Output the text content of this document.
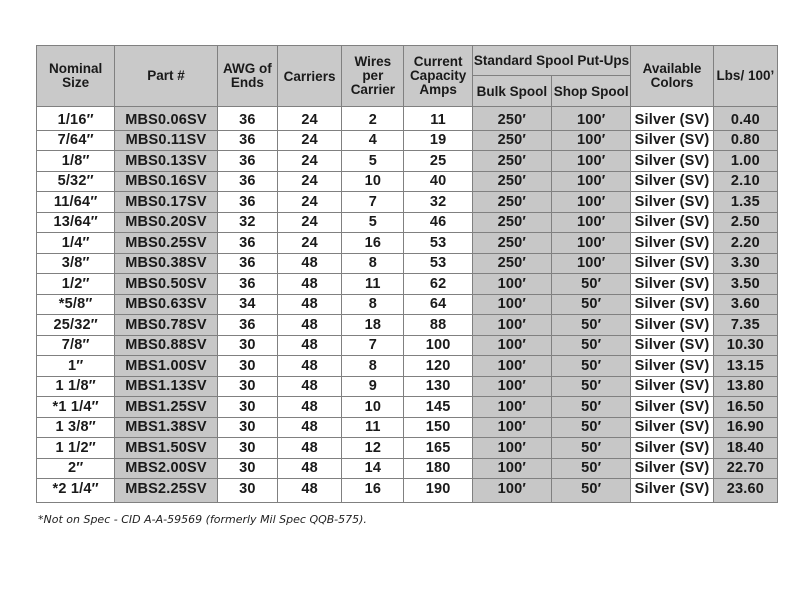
Nominal Size	Part #	AWG of Ends	Carriers	Wires per Carrier	Current Capacity Amps	Standard Spool Put-Ups		Available Colors	Lbs/ 100’
						Bulk Spool	Shop Spool		
1/16″	MBS0.06SV	36	24	2	11	250′	100′	Silver (SV)	0.40
7/64″	MBS0.11SV	36	24	4	19	250′	100′	Silver (SV)	0.80
1/8″	MBS0.13SV	36	24	5	25	250′	100′	Silver (SV)	1.00
5/32″	MBS0.16SV	36	24	10	40	250′	100′	Silver (SV)	2.10
11/64″	MBS0.17SV	36	24	7	32	250′	100′	Silver (SV)	1.35
13/64″	MBS0.20SV	32	24	5	46	250′	100′	Silver (SV)	2.50
1/4″	MBS0.25SV	36	24	16	53	250′	100′	Silver (SV)	2.20
3/8″	MBS0.38SV	36	48	8	53	250′	100′	Silver (SV)	3.30
1/2″	MBS0.50SV	36	48	11	62	100′	50′	Silver (SV)	3.50
*5/8″	MBS0.63SV	34	48	8	64	100′	50′	Silver (SV)	3.60
25/32″	MBS0.78SV	36	48	18	88	100′	50′	Silver (SV)	7.35
7/8″	MBS0.88SV	30	48	7	100	100′	50′	Silver (SV)	10.30
1″	MBS1.00SV	30	48	8	120	100′	50′	Silver (SV)	13.15
1 1/8″	MBS1.13SV	30	48	9	130	100′	50′	Silver (SV)	13.80
*1 1/4″	MBS1.25SV	30	48	10	145	100′	50′	Silver (SV)	16.50
1 3/8″	MBS1.38SV	30	48	11	150	100′	50′	Silver (SV)	16.90
1 1/2″	MBS1.50SV	30	48	12	165	100′	50′	Silver (SV)	18.40
2″	MBS2.00SV	30	48	14	180	100′	50′	Silver (SV)	22.70
*2 1/4″	MBS2.25SV	30	48	16	190	100′	50′	Silver (SV)	23.60
*Not on Spec - CID A-A-59569 (formerly Mil Spec QQB-575).
